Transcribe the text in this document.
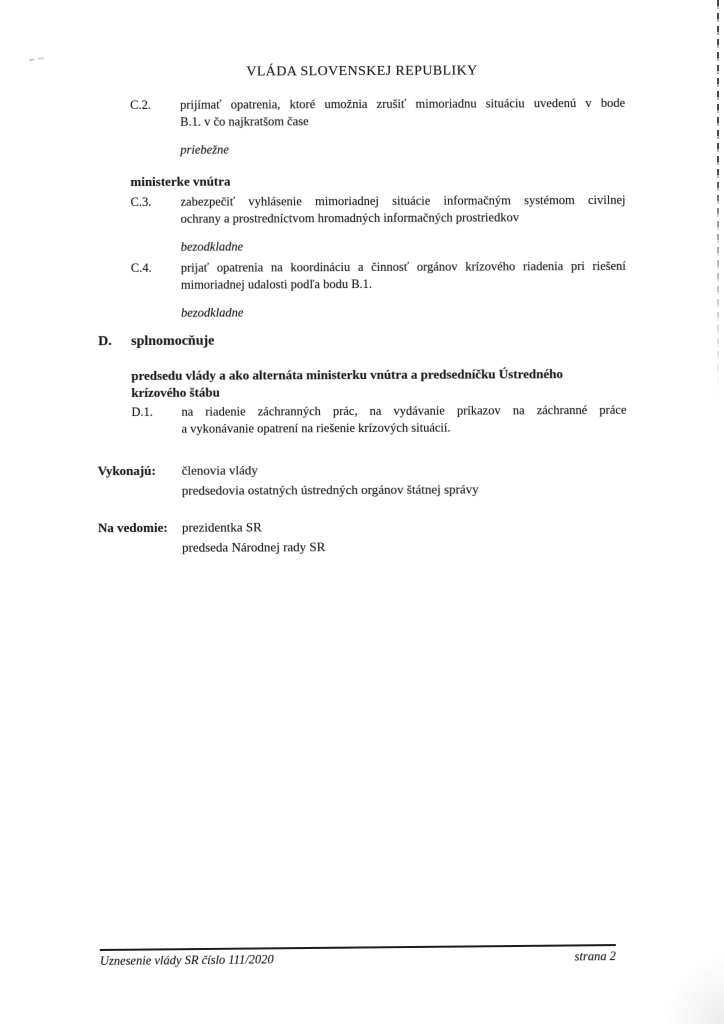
VLÁDA SLOVENSKEJ REPUBLIKY
C.2.	prijímať opatrenia, ktoré umožnia zrušiť mimoriadnu situáciu uvedenú v bode
B.1. v čo najkratšom čase

priebežne

ministerke vnútra

C.3.	zabezpečiť vyhlásenie mimoriadnej situácie informačným systémom civilnej
ochrany a prostredníctvom hromadných informačných prostriedkov

bezodkladne

C.4.	prijať opatrenia na koordináciu a činnosť orgánov krízového riadenia pri riešení
mimoriadnej udalosti podľa bodu B.1.

bezodkladne

D.	splnomocňuje

predsedu vlády a ako alternáta ministerku vnútra a predsedníčku Ústredného
krízového štábu

D.1.	na riadenie záchranných prác, na vydávanie príkazov na záchranné práce
a vykonávanie opatrení na riešenie krízových situácií.
Vykonajú:	členovia vlády
predsedovia ostatných ústredných orgánov štátnej správy
Na vedomie:	prezidentka SR
predseda Národnej rady SR
Uznesenie vlády SR číslo 111/2020	strana 2
